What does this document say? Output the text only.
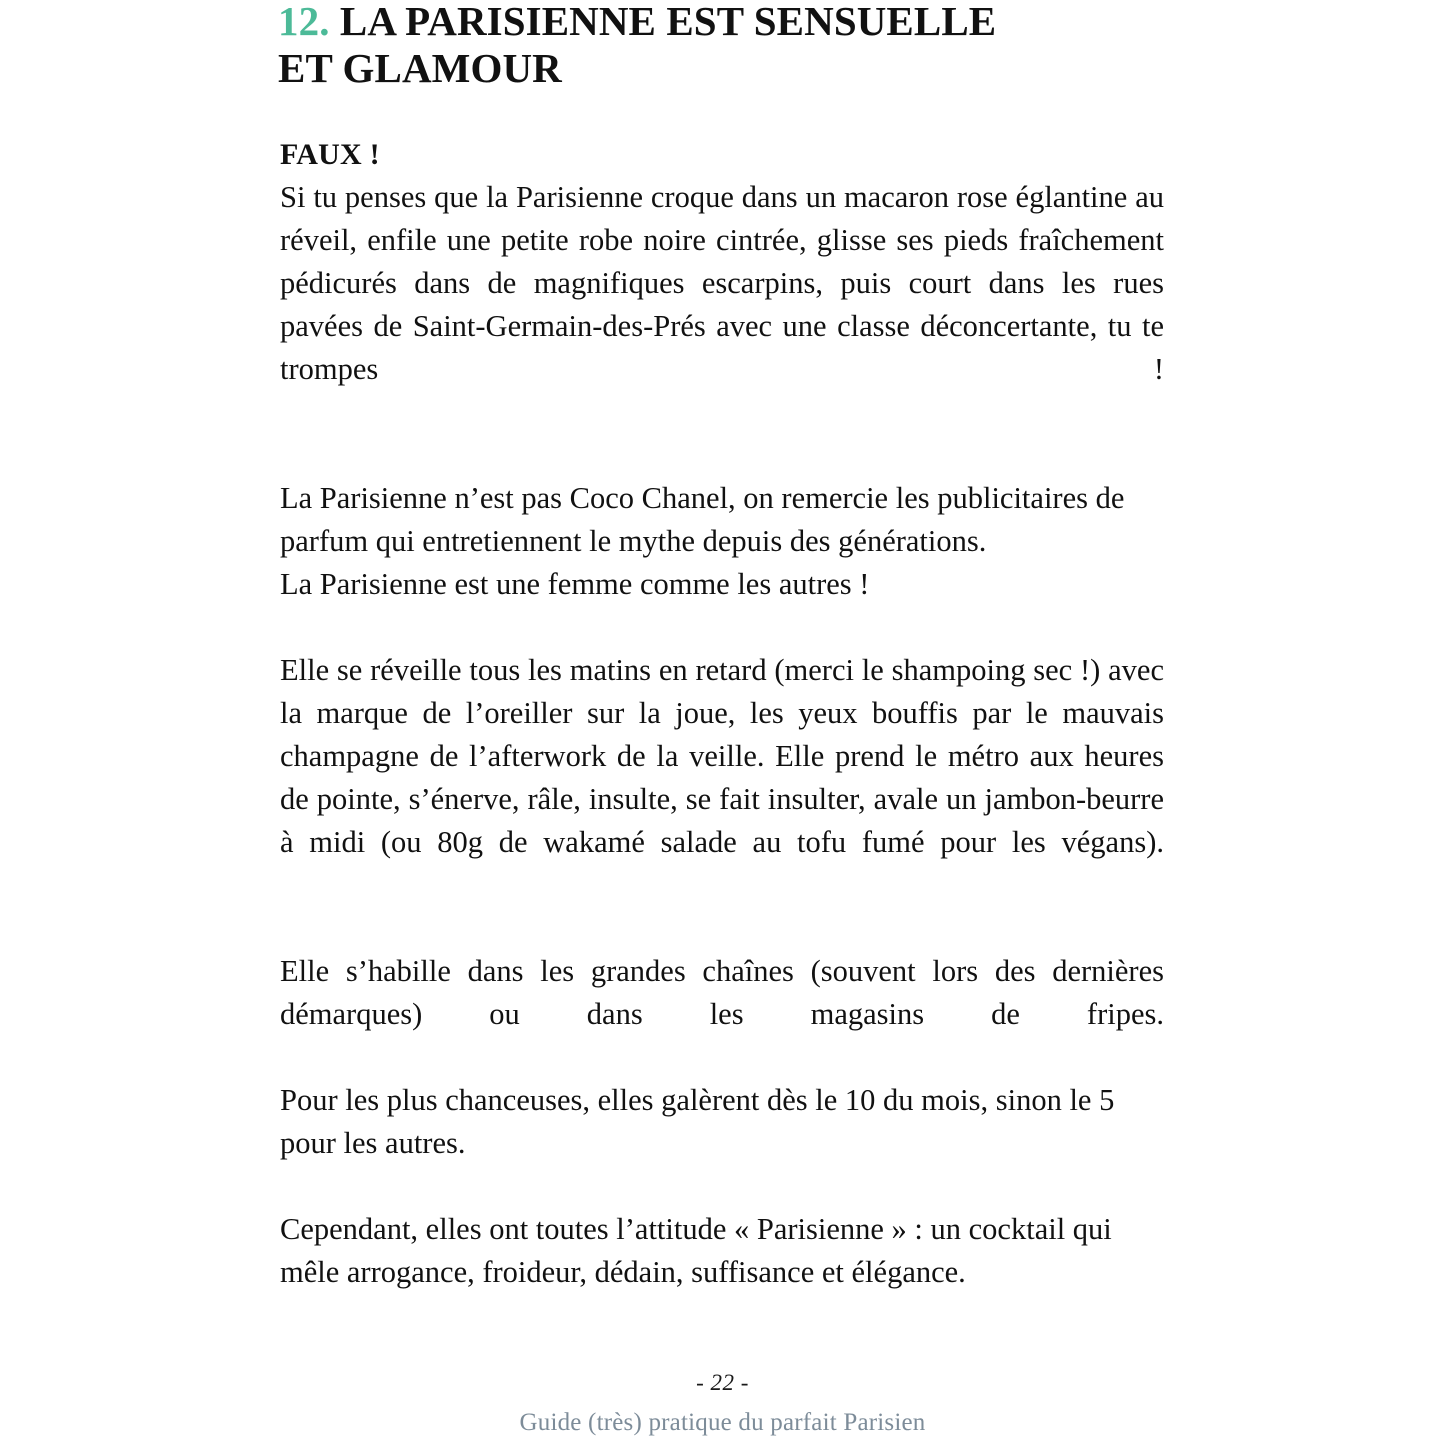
12. LA PARISIENNE EST SENSUELLE
ET GLAMOUR
FAUX !

Si tu penses que la Parisienne croque dans un macaron rose églantine au réveil, enfile une petite robe noire cintrée, glisse ses pieds fraîchement pédicurés dans de magnifiques escarpins, puis court dans les rues pavées de Saint-Germain-des-Prés avec une classe déconcertante, tu te trompes !

La Parisienne n’est pas Coco Chanel, on remercie les publicitaires de parfum qui entretiennent le mythe depuis des générations.

La Parisienne est une femme comme les autres !

Elle se réveille tous les matins en retard (merci le shampoing sec !) avec la marque de l’oreiller sur la joue, les yeux bouffis par le mauvais champagne de l’afterwork de la veille. Elle prend le métro aux heures de pointe, s’énerve, râle, insulte, se fait insulter, avale un jambon-beurre à midi (ou 80g de wakamé salade au tofu fumé pour les végans).

Elle s’habille dans les grandes chaînes (souvent lors des dernières démarques) ou dans les magasins de fripes.

Pour les plus chanceuses, elles galèrent dès le 10 du mois, sinon le 5 pour les autres.

Cependant, elles ont toutes l’attitude « Parisienne » : un cocktail qui mêle arrogance, froideur, dédain, suffisance et élégance.

- 22 -
Guide (très) pratique du parfait Parisien
